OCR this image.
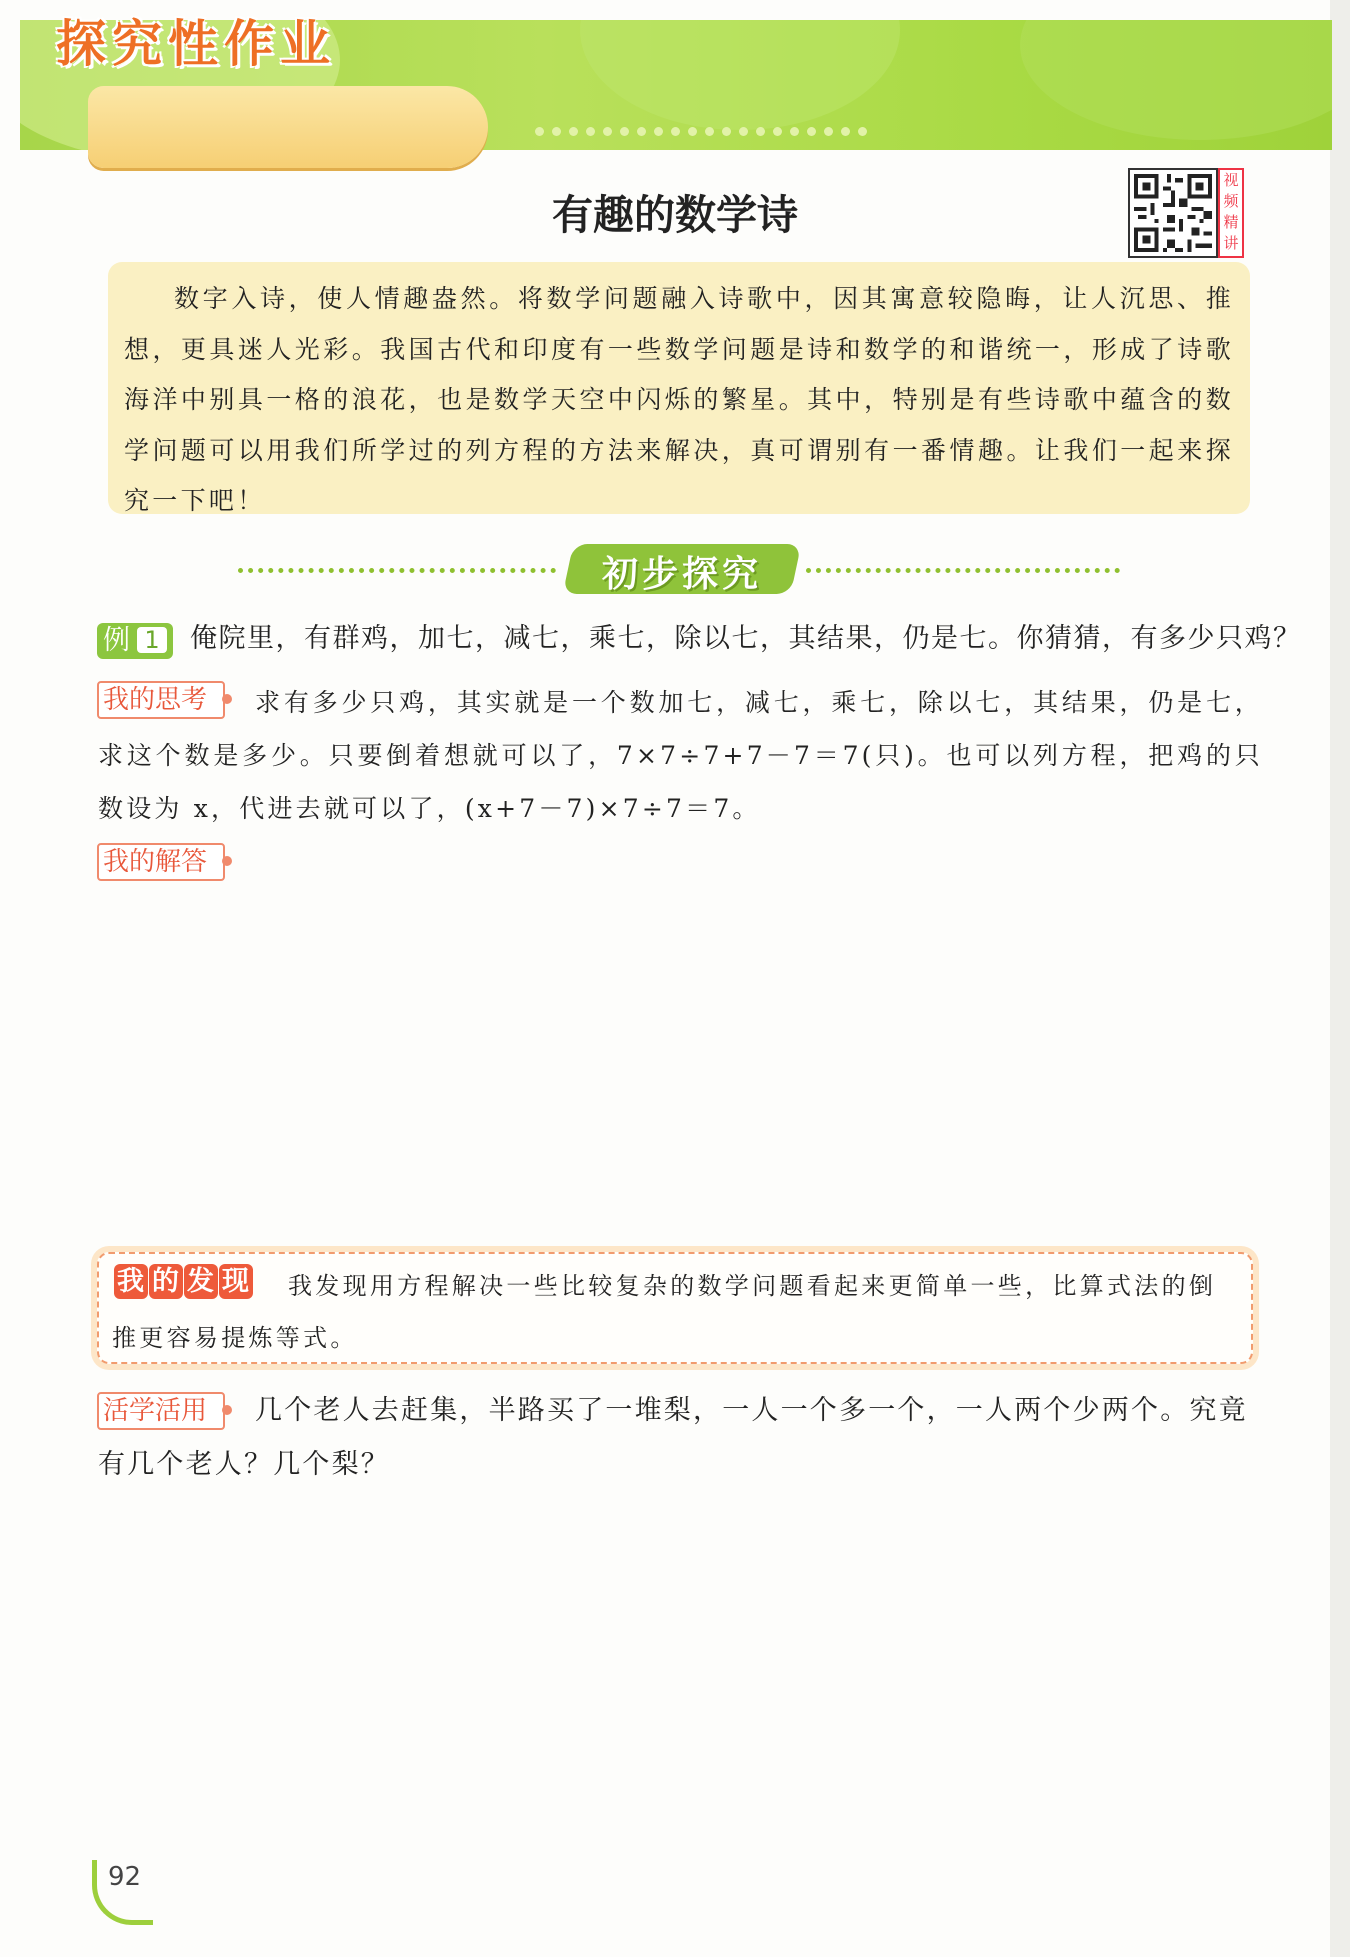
探究性作业
有趣的数学诗
视频精讲

数字入诗，使人情趣盎然。将数学问题融入诗歌中，因其寓意较隐晦，让人沉思、推想，更具迷人光彩。我国古代和印度有一些数学问题是诗和数学的和谐统一，形成了诗歌海洋中别具一格的浪花，也是数学天空中闪烁的繁星。其中，特别是有些诗歌中蕴含的数学问题可以用我们所学过的列方程的方法来解决，真可谓别有一番情趣。让我们一起来探究一下吧！

初步探究
例 1 俺院里，有群鸡，加七，减七，乘七，除以七，其结果，仍是七。你猜猜，有多少只鸡？
我的思考	求有多少只鸡，其实就是一个数加七，减七，乘七，除以七，其结果，仍是七，求这个数是多少。只要倒着想就可以了，7×7÷7+7－7＝7(只)。也可以列方程，把鸡的只数设为 x，代进去就可以了，(x+7－7)×7÷7＝7。

我的解答
我 的 发 现	我发现用方程解决一些比较复杂的数学问题看起来更简单一些，比算式法的倒推更容易提炼等式。

活学活用	几个老人去赶集，半路买了一堆梨，一人一个多一个，一人两个少两个。究竟有几个老人？几个梨？

92
